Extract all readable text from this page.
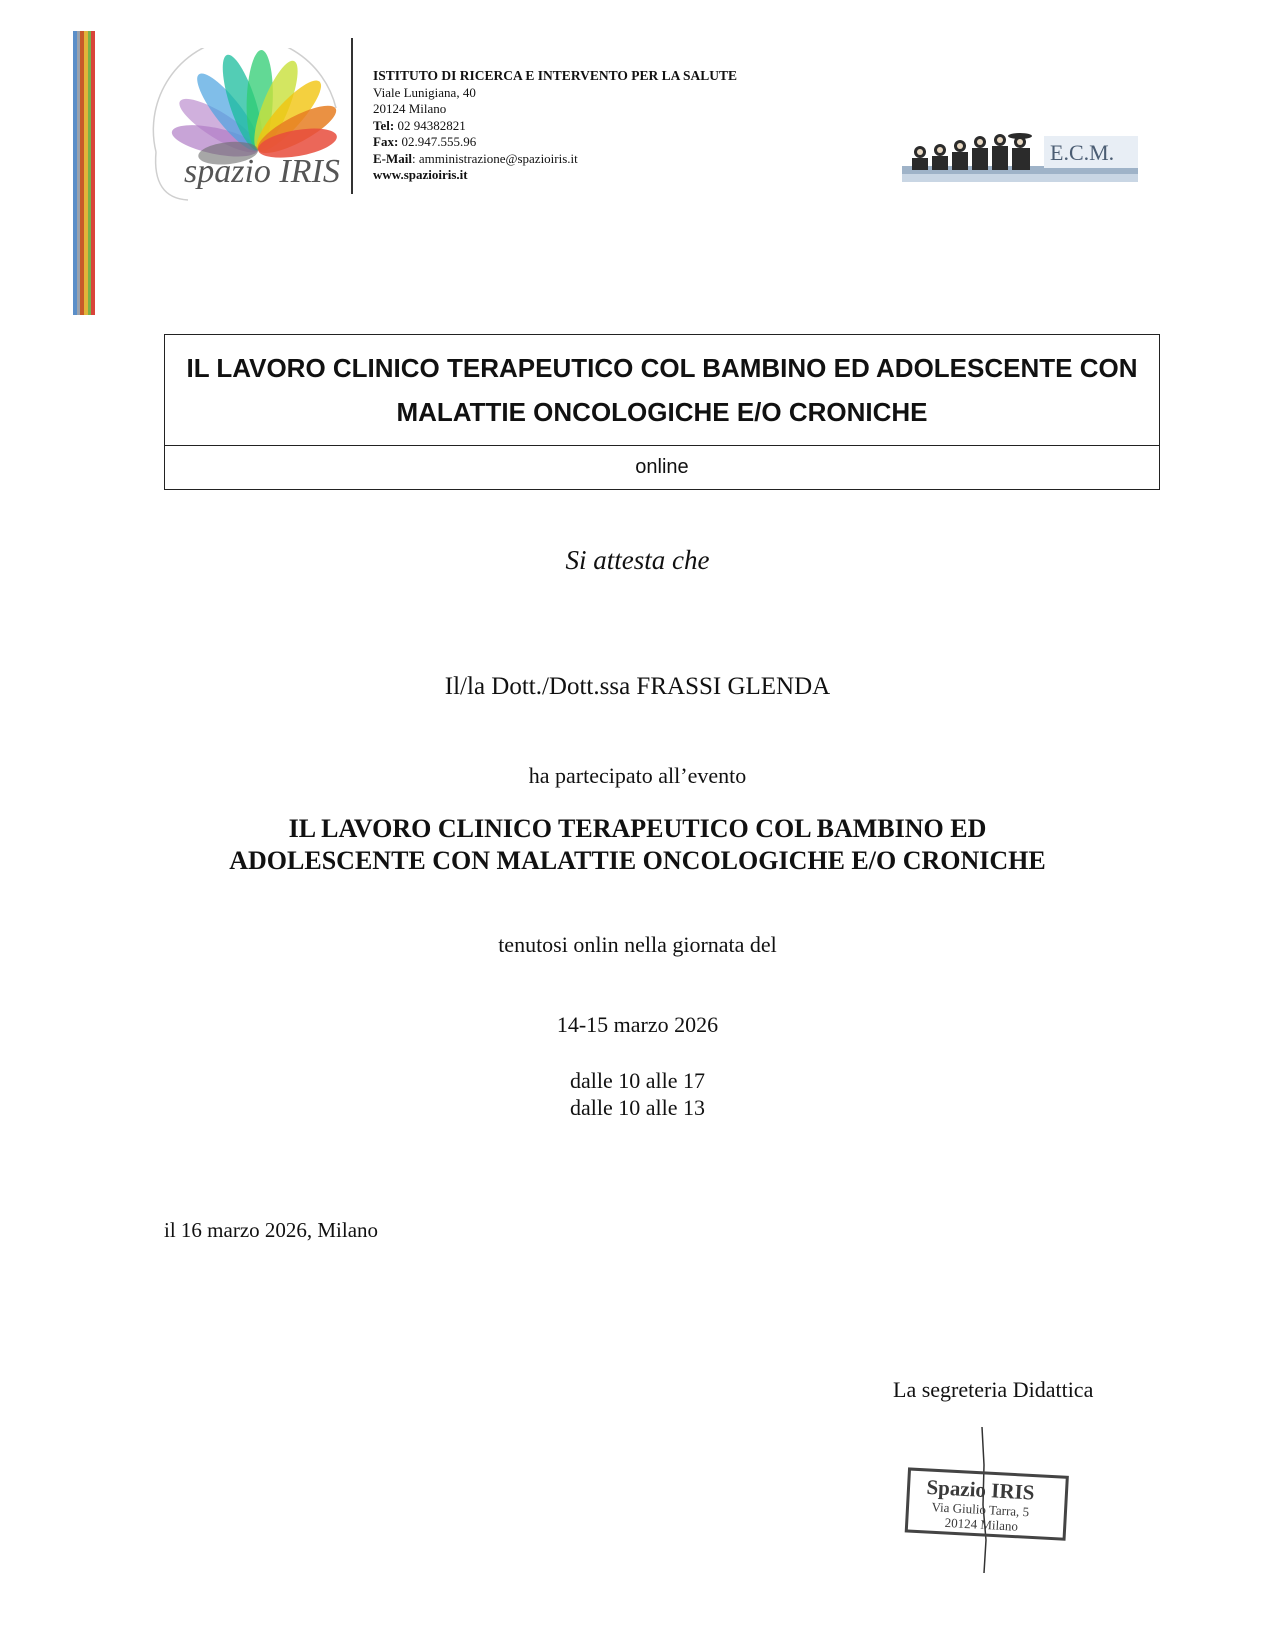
spazio IRIS
ISTITUTO DI RICERCA E INTERVENTO PER LA SALUTE
Viale Lunigiana, 40
20124 Milano
Tel: 02 94382821
Fax: 02.947.555.96
E-Mail: amministrazione@spazioiris.it
www.spazioiris.it
E.C.M.
IL LAVORO CLINICO TERAPEUTICO COL BAMBINO ED ADOLESCENTE CON MALATTIE ONCOLOGICHE E/O CRONICHE
online
Si attesta che
Il/la Dott./Dott.ssa FRASSI GLENDA
ha partecipato all’evento
IL LAVORO CLINICO TERAPEUTICO COL BAMBINO ED
ADOLESCENTE CON MALATTIE ONCOLOGICHE E/O CRONICHE
tenutosi onlin nella giornata del
14-15 marzo 2026
dalle 10 alle 17
dalle 10 alle 13
il 16 marzo 2026, Milano
La segreteria Didattica
Spazio IRIS
Via Giulio Tarra, 5
20124 Milano
